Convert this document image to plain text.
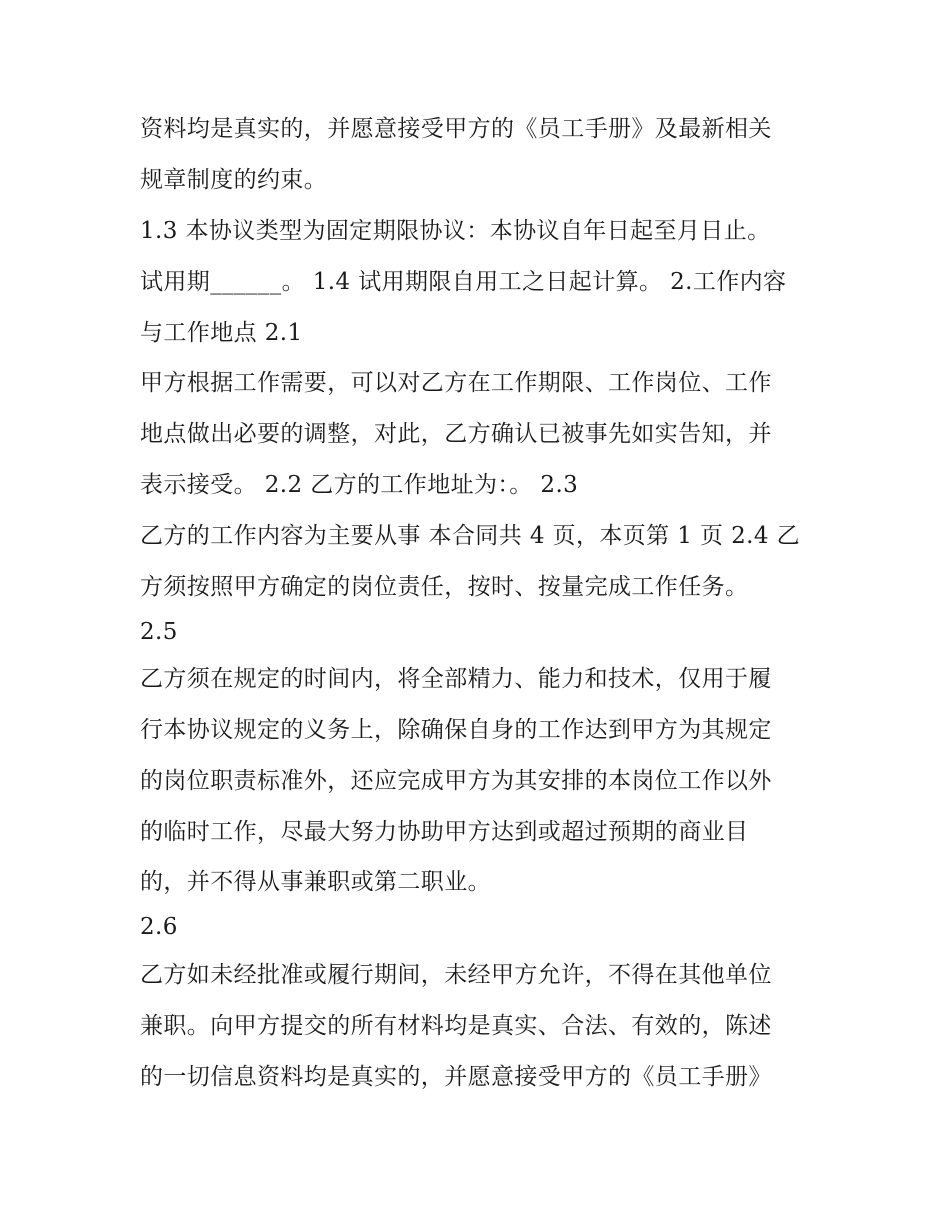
资料均是真实的，并愿意接受甲方的《员工手册》及最新相关
规章制度的约束。
1.3 本协议类型为固定期限协议：本协议自年日起至月日止。
试用期______。 1.4 试用期限自用工之日起计算。 2.工作内容
与工作地点 2.1
甲方根据工作需要，可以对乙方在工作期限、工作岗位、工作
地点做出必要的调整，对此，乙方确认已被事先如实告知，并
表示接受。 2.2 乙方的工作地址为：。 2.3
乙方的工作内容为主要从事 本合同共 4 页，本页第 1 页 2.4 乙
方须按照甲方确定的岗位责任，按时、按量完成工作任务。
2.5
乙方须在规定的时间内，将全部精力、能力和技术，仅用于履
行本协议规定的义务上，除确保自身的工作达到甲方为其规定
的岗位职责标准外，还应完成甲方为其安排的本岗位工作以外
的临时工作，尽最大努力协助甲方达到或超过预期的商业目
的，并不得从事兼职或第二职业。
2.6
乙方如未经批准或履行期间，未经甲方允许，不得在其他单位
兼职。向甲方提交的所有材料均是真实、合法、有效的，陈述
的一切信息资料均是真实的，并愿意接受甲方的《员工手册》
